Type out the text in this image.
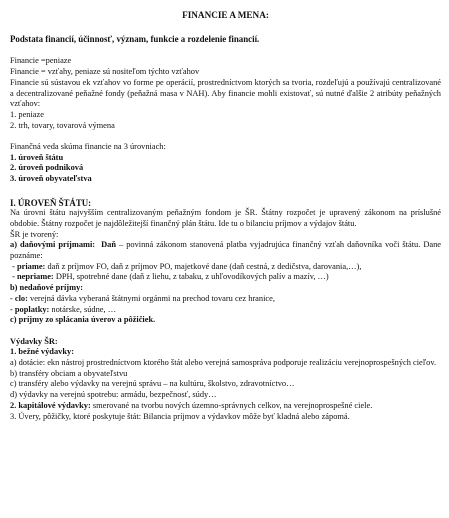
FINANCIE A MENA:

Podstata financií, účinnosť, význam, funkcie a rozdelenie financií.

Financie =peniaze

Financie = vzťahy, peniaze sú nositeľom týchto vzťahov

Financie sú sústavou ek vzťahov vo forme pe operácií, prostredníctvom ktorých sa tvoria, rozdeľujú a používajú centralizované a decentralizované peňažné fondy (peňažná masa v NAH). Aby financie mohli existovať, sú nutné ďalšie 2 atribúty peňažných vzťahov:

1. peniaze

2. trh, tovary, tovarová výmena

Finančná veda skúma financie na 3 úrovniach:

1. úroveň štátu

2. úroveň podniková

3. úroveň obyvateľstva

I. ÚROVEŇ ŠTÁTU:

Na úrovni štátu najvyšším centralizovaným peňažným fondom je ŠR. Štátny rozpočet je upravený zákonom na príslušné obdobie. Štátny rozpočet je najdôležitejší finančný plán štátu. Ide tu o bilanciu príjmov a výdajov štátu.

ŠR je tvorený:

a) daňovými príjmami: Daň – povinná zákonom stanovená platba vyjadrujúca finančný vzťah daňovníka voči štátu. Dane poznáme:

- priame: daň z príjmov FO, daň z príjmov PO, majetkové dane (daň cestná, z dedičstva, darovania,…),

- nepriame: DPH, spotrebné dane (daň z liehu, z tabaku, z uhľovodíkových palív a mazív, …)

b) nedaňové príjmy:

- clo: verejná dávka vyberaná štátnymi orgánmi na prechod tovaru cez hranice,

- poplatky: notárske, súdne, …

c) príjmy zo splácania úverov a pôžičiek.

Výdavky ŠR:

1. bežné výdavky:

a) dotácie: ekn nástroj prostredníctvom ktorého štát alebo verejná samospráva podporuje realizáciu verejnoprospešných cieľov.

b) transféry obciam a obyvateľstvu

c) transféry alebo výdavky na verejnú správu – na kultúru, školstvo, zdravotníctvo…

d) výdavky na verejnú spotrebu: armádu, bezpečnosť, súdy…

2. kapitálové výdavky: smerované na tvorbu nových územno-správnych celkov, na verejnoprospešné ciele.

3. Úvery, pôžičky, ktoré poskytuje štát: Bilancia príjmov a výdavkov môže byť kladná alebo zápomá.
